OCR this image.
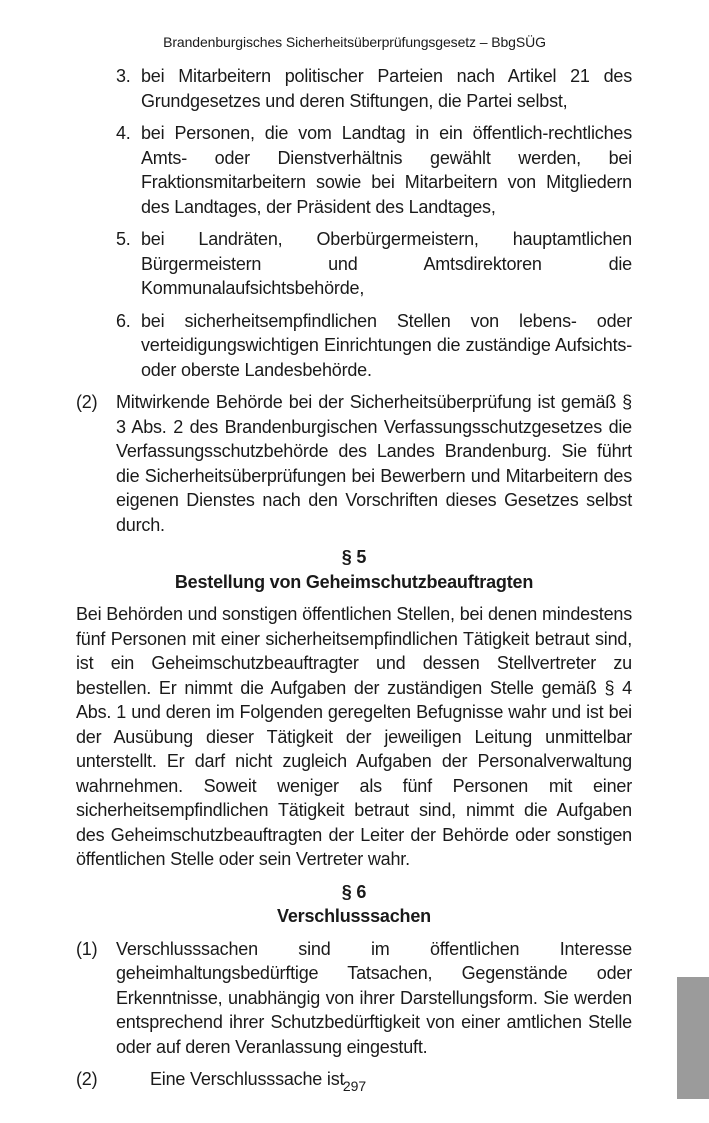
Brandenburgisches Sicherheitsüberprüfungsgesetz – BbgSÜG
3. bei Mitarbeitern politischer Parteien nach Artikel 21 des Grundgesetzes und deren Stiftungen, die Partei selbst,
4. bei Personen, die vom Landtag in ein öffentlich-rechtliches Amts- oder Dienstverhältnis gewählt werden, bei Fraktionsmitarbeitern sowie bei Mitarbeitern von Mitgliedern des Landtages, der Präsident des Landtages,
5. bei Landräten, Oberbürgermeistern, hauptamtlichen Bürgermeistern und Amtsdirektoren die Kommunalaufsichtsbehörde,
6. bei sicherheitsempfindlichen Stellen von lebens- oder verteidigungswichtigen Einrichtungen die zuständige Aufsichts- oder oberste Landesbehörde.
(2)	Mitwirkende Behörde bei der Sicherheitsüberprüfung ist gemäß § 3 Abs. 2 des Brandenburgischen Verfassungsschutzgesetzes die Verfassungsschutzbehörde des Landes Brandenburg. Sie führt die Sicherheitsüberprüfungen bei Bewerbern und Mitarbeitern des eigenen Dienstes nach den Vorschriften dieses Gesetzes selbst durch.
§ 5
Bestellung von Geheimschutzbeauftragten
Bei Behörden und sonstigen öffentlichen Stellen, bei denen mindestens fünf Personen mit einer sicherheitsempfindlichen Tätigkeit betraut sind, ist ein Geheimschutzbeauftragter und dessen Stellvertreter zu bestellen. Er nimmt die Aufgaben der zuständigen Stelle gemäß § 4 Abs. 1 und deren im Folgenden geregelten Befugnisse wahr und ist bei der Ausübung dieser Tätigkeit der jeweiligen Leitung unmittelbar unterstellt. Er darf nicht zugleich Aufgaben der Personalverwaltung wahrnehmen. Soweit weniger als fünf Personen mit einer sicherheitsempfindlichen Tätigkeit betraut sind, nimmt die Aufgaben des Geheimschutzbeauftragten der Leiter der Behörde oder sonstigen öffentlichen Stelle oder sein Vertreter wahr.
§ 6
Verschlusssachen
(1)	Verschlusssachen sind im öffentlichen Interesse geheimhaltungsbedürftige Tatsachen, Gegenstände oder Erkenntnisse, unabhängig von ihrer Darstellungsform. Sie werden entsprechend ihrer Schutzbedürftigkeit von einer amtlichen Stelle oder auf deren Veranlassung eingestuft.
(2)	Eine Verschlusssache ist
297
